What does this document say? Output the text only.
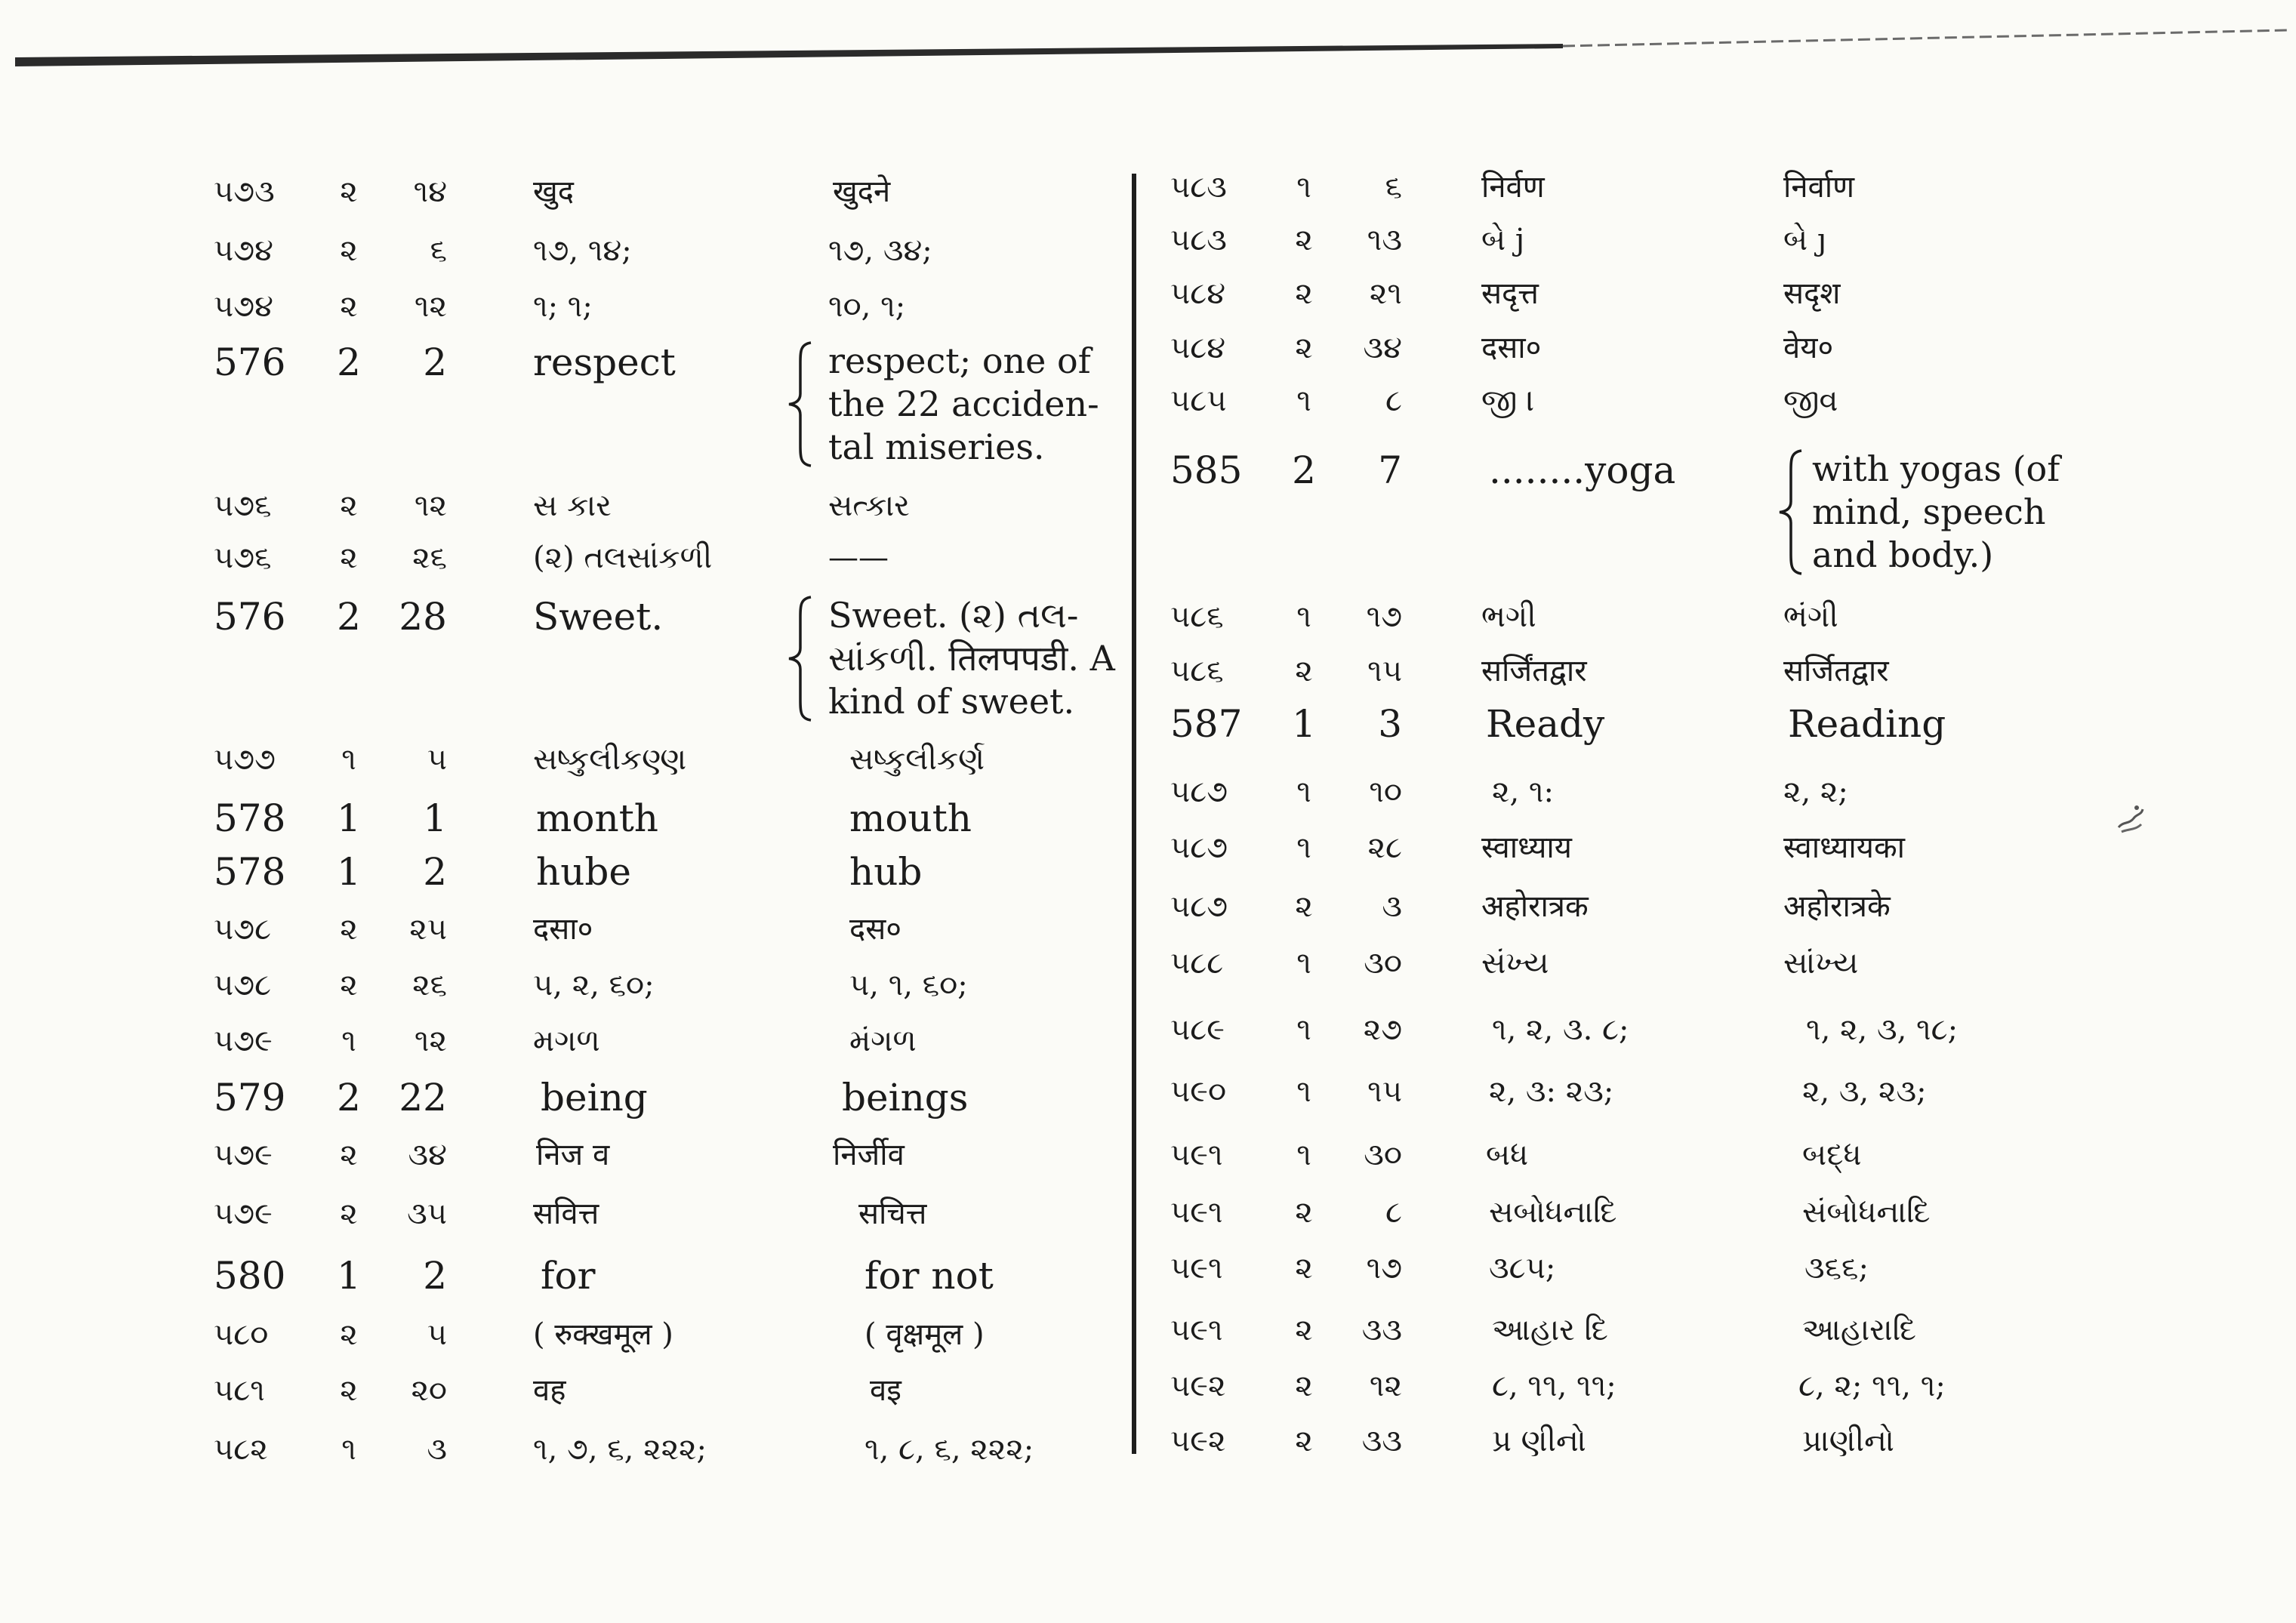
૫૭૩	૨	૧૪	खुद	खुदने
૫૭૪	૨	૬	૧૭, ૧૪;	૧૭, ૩૪;
૫૭૪	૨	૧૨	૧; ૧;	૧૦, ૧;
576	2	2 respect	respect; one of
the 22 acciden-
tal miseries.
૫૭૬	૨	૧૨	સ કાર	સત્કાર
૫૭૬	૨	૨૬	(૨) તલસાંકળી	——
576	2	28 Sweet.	Sweet. (૨) તલ-
સાંકળી. तिलपपडी. A
kind of sweet.
૫૭૭	૧	૫	સષ્કુલીકણ્ણ	સષ્કુલીકર્ણ
578	1	1 month	mouth
578	1	2 hube	hub
૫૭૮	૨	૨૫	दसा०	दस०
૫૭૮	૨	૨૬	૫, ૨, ૬૦;	૫, ૧, ૬૦;
૫૭૯	૧	૧૨	મગળ	મંગળ
579	2	22 being	beings
૫૭૯	૨	૩૪	निज व	निर्जीव
૫૭૯	૨	૩૫	सवित्त	सचित्त
580	1	2 for	for not
૫૮૦	૨	૫	( रुक्खमूल )	( वृक्षमूल )
૫૮૧	૨	૨૦	वह	वइ
૫૮૨	૧	૩	૧, ૭, ૬, ૨૨૨;	૧, ૮, ૬, ૨૨૨;
૫૮૩	૧	૬	निर्वण	निर्वाण
૫૮૩	૨	૧૩	બે j	બે ȷ
૫૮૪	૨	૨૧	सदृत्त	सदृश
૫૮૪	૨	૩૪	दसा०	वेय०
૫૮૫	૧	૮	જી ।	જીવ
585	2	7 ........yoga	with yogas (of
mind, speech
and body.)
૫૮૬	૧	૧૭	ભગી	ભંગી
૫૮૬	૨	૧૫	सर्जिंतद्वार	सर्जितद्वार
587	1	3 Ready	Reading
૫૮૭	૧	૧૦	૨, ૧:	૨, ૨;
૫૮૭	૧	૨૮	स्वाध्याय	स्वाध्यायका
૫૮૭	૨	૩	अहोरात्रक	अहोरात्रके
૫૮૮	૧	૩૦	સંખ્ય	સાંખ્ય
૫૮૯	૧	૨૭	૧, ૨, ૩. ૮;	૧, ૨, ૩, ૧૮;
૫૯૦	૧	૧૫	૨, ૩: ૨૩;	૨, ૩, ૨૩;
૫૯૧	૧	૩૦	બધ	બદ્ધ
૫૯૧	૨	૮	સબોધનાદિ	સંબોધનાદિ
૫૯૧	૨	૧૭	૩૮૫;	૩૬૬;
૫૯૧	૨	૩૩	આહાર દિ	આહારાદિ
૫૯૨	૨	૧૨	૮, ૧૧, ૧૧;	૮, ૨; ૧૧, ૧;
૫૯૨	૨	૩૩	પ્ર ણીનો	પ્રાણીનો
